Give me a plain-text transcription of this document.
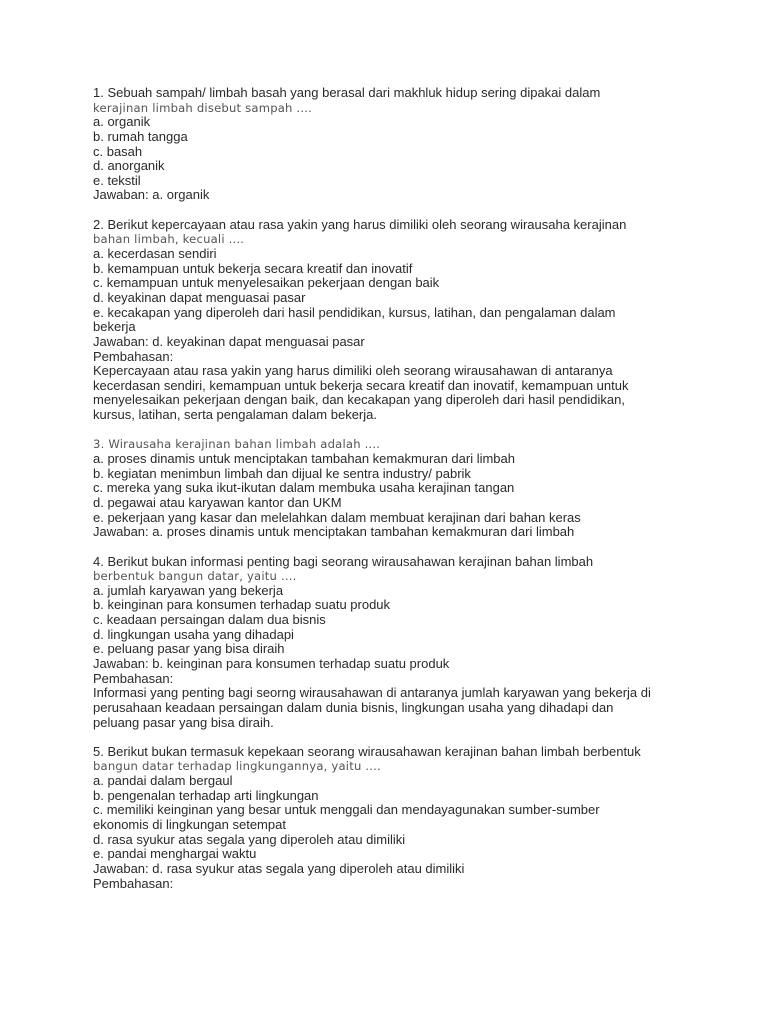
1. Sebuah sampah/ limbah basah yang berasal dari makhluk hidup sering dipakai dalam
kerajinan limbah disebut sampah ....
a. organik
b. rumah tangga
c. basah
d. anorganik
e. tekstil
Jawaban: a. organik
2. Berikut kepercayaan atau rasa yakin yang harus dimiliki oleh seorang wirausaha kerajinan
bahan limbah, kecuali ....
a. kecerdasan sendiri
b. kemampuan untuk bekerja secara kreatif dan inovatif
c. kemampuan untuk menyelesaikan pekerjaan dengan baik
d. keyakinan dapat menguasai pasar
e. kecakapan yang diperoleh dari hasil pendidikan, kursus, latihan, dan pengalaman dalam
bekerja
Jawaban: d. keyakinan dapat menguasai pasar
Pembahasan:
Kepercayaan atau rasa yakin yang harus dimiliki oleh seorang wirausahawan di antaranya
kecerdasan sendiri, kemampuan untuk bekerja secara kreatif dan inovatif, kemampuan untuk
menyelesaikan pekerjaan dengan baik, dan kecakapan yang diperoleh dari hasil pendidikan,
kursus, latihan, serta pengalaman dalam bekerja.
3. Wirausaha kerajinan bahan limbah adalah ....
a. proses dinamis untuk menciptakan tambahan kemakmuran dari limbah
b. kegiatan menimbun limbah dan dijual ke sentra industry/ pabrik
c. mereka yang suka ikut-ikutan dalam membuka usaha kerajinan tangan
d. pegawai atau karyawan kantor dan UKM
e. pekerjaan yang kasar dan melelahkan dalam membuat kerajinan dari bahan keras
Jawaban: a. proses dinamis untuk menciptakan tambahan kemakmuran dari limbah
4. Berikut bukan informasi penting bagi seorang wirausahawan kerajinan bahan limbah
berbentuk bangun datar, yaitu ....
a. jumlah karyawan yang bekerja
b. keinginan para konsumen terhadap suatu produk
c. keadaan persaingan dalam dua bisnis
d. lingkungan usaha yang dihadapi
e. peluang pasar yang bisa diraih
Jawaban: b. keinginan para konsumen terhadap suatu produk
Pembahasan:
Informasi yang penting bagi seorng wirausahawan di antaranya jumlah karyawan yang bekerja di
perusahaan keadaan persaingan dalam dunia bisnis, lingkungan usaha yang dihadapi dan
peluang pasar yang bisa diraih.
5. Berikut bukan termasuk kepekaan seorang wirausahawan kerajinan bahan limbah berbentuk
bangun datar terhadap lingkungannya, yaitu ....
a. pandai dalam bergaul
b. pengenalan terhadap arti lingkungan
c. memiliki keinginan yang besar untuk menggali dan mendayagunakan sumber-sumber
ekonomis di lingkungan setempat
d. rasa syukur atas segala yang diperoleh atau dimiliki
e. pandai menghargai waktu
Jawaban: d. rasa syukur atas segala yang diperoleh atau dimiliki
Pembahasan:
